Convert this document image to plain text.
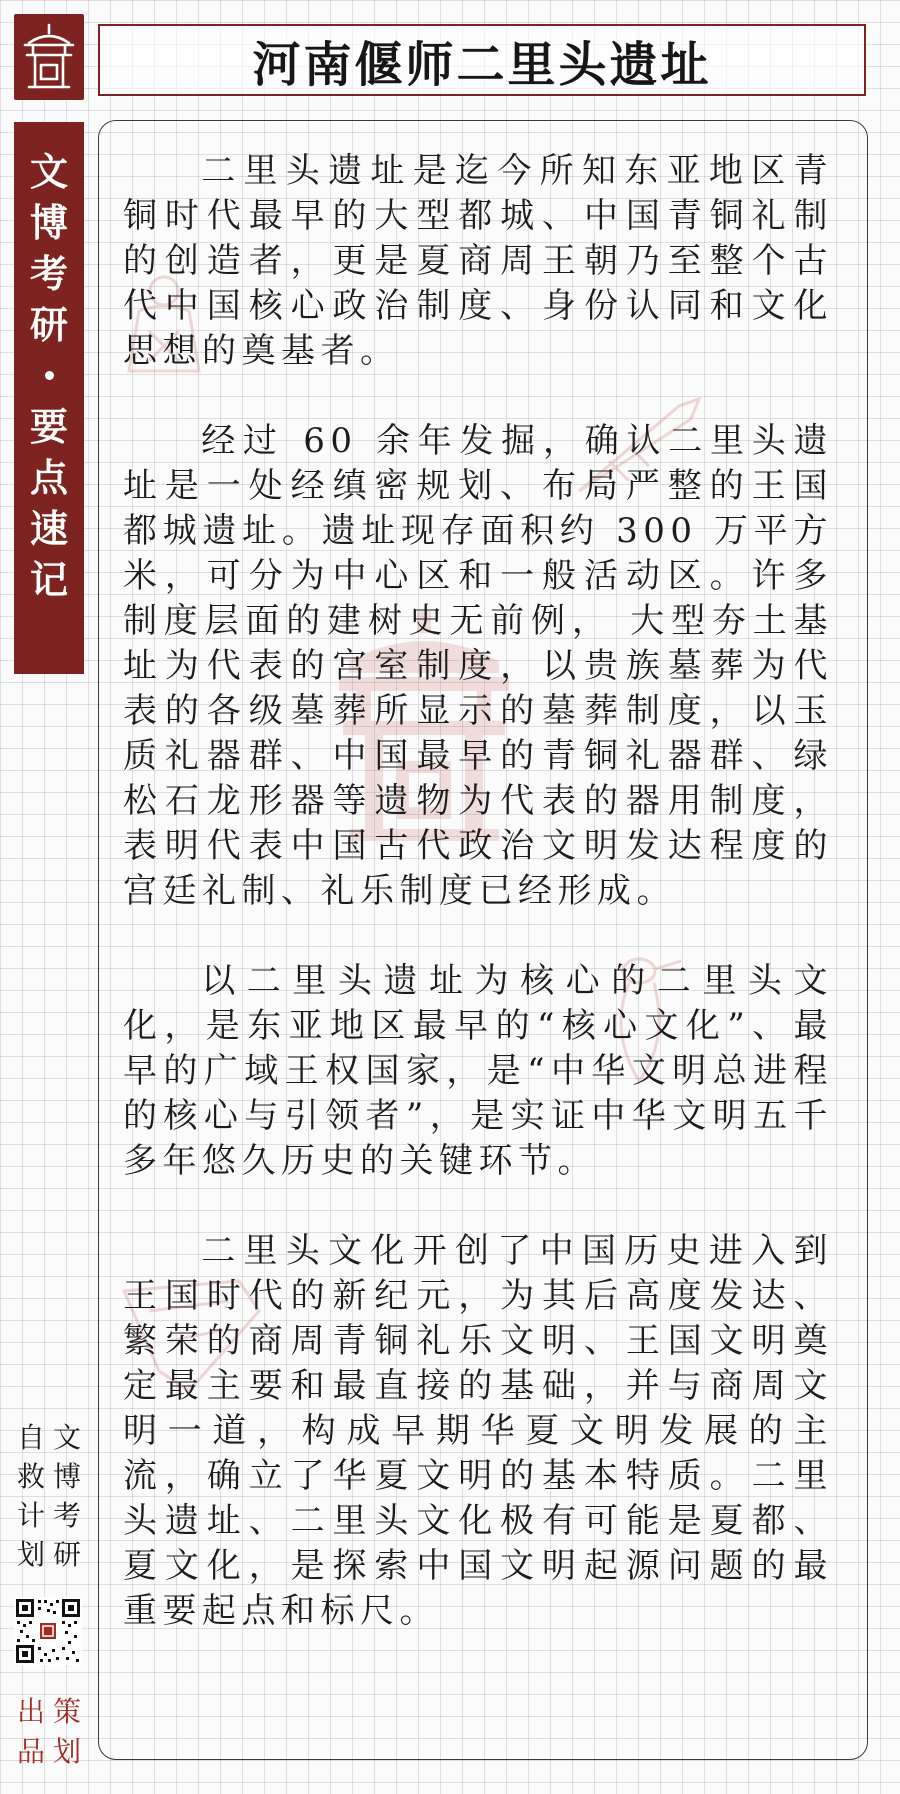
文
博
考
研
要
点
速
记
文
博
考
研
自
救
计
划
策
划
出
品
河南偃师二里头遗址

二里头遗址是迄今所知东亚地区青铜时代最早的大型都城、中国青铜礼制的创造者，更是夏商周王朝乃至整个古代中国核心政治制度、身份认同和文化思想的奠基者。

经过 60 余年发掘，确认二里头遗址是一处经缜密规划、布局严整的王国都城遗址。遗址现存面积约 300 万平方米，可分为中心区和一般活动区。许多制度层面的建树史无前例， 大型夯土基址为代表的宫室制度，以贵族墓葬为代表的各级墓葬所显示的墓葬制度，以玉质礼器群、中国最早的青铜礼器群、绿松石龙形器等遗物为代表的器用制度，表明代表中国古代政治文明发达程度的宫廷礼制、礼乐制度已经形成。

以二里头遗址为核心的二里头文化，是东亚地区最早的“核心文化”、最早的广域王权国家，是“中华文明总进程的核心与引领者”，是实证中华文明五千多年悠久历史的关键环节。

二里头文化开创了中国历史进入到王国时代的新纪元，为其后高度发达、繁荣的商周青铜礼乐文明、王国文明奠定最主要和最直接的基础，并与商周文明一道，构成早期华夏文明发展的主流，确立了华夏文明的基本特质。二里头遗址、二里头文化极有可能是夏都、夏文化，是探索中国文明起源问题的最重要起点和标尺。
